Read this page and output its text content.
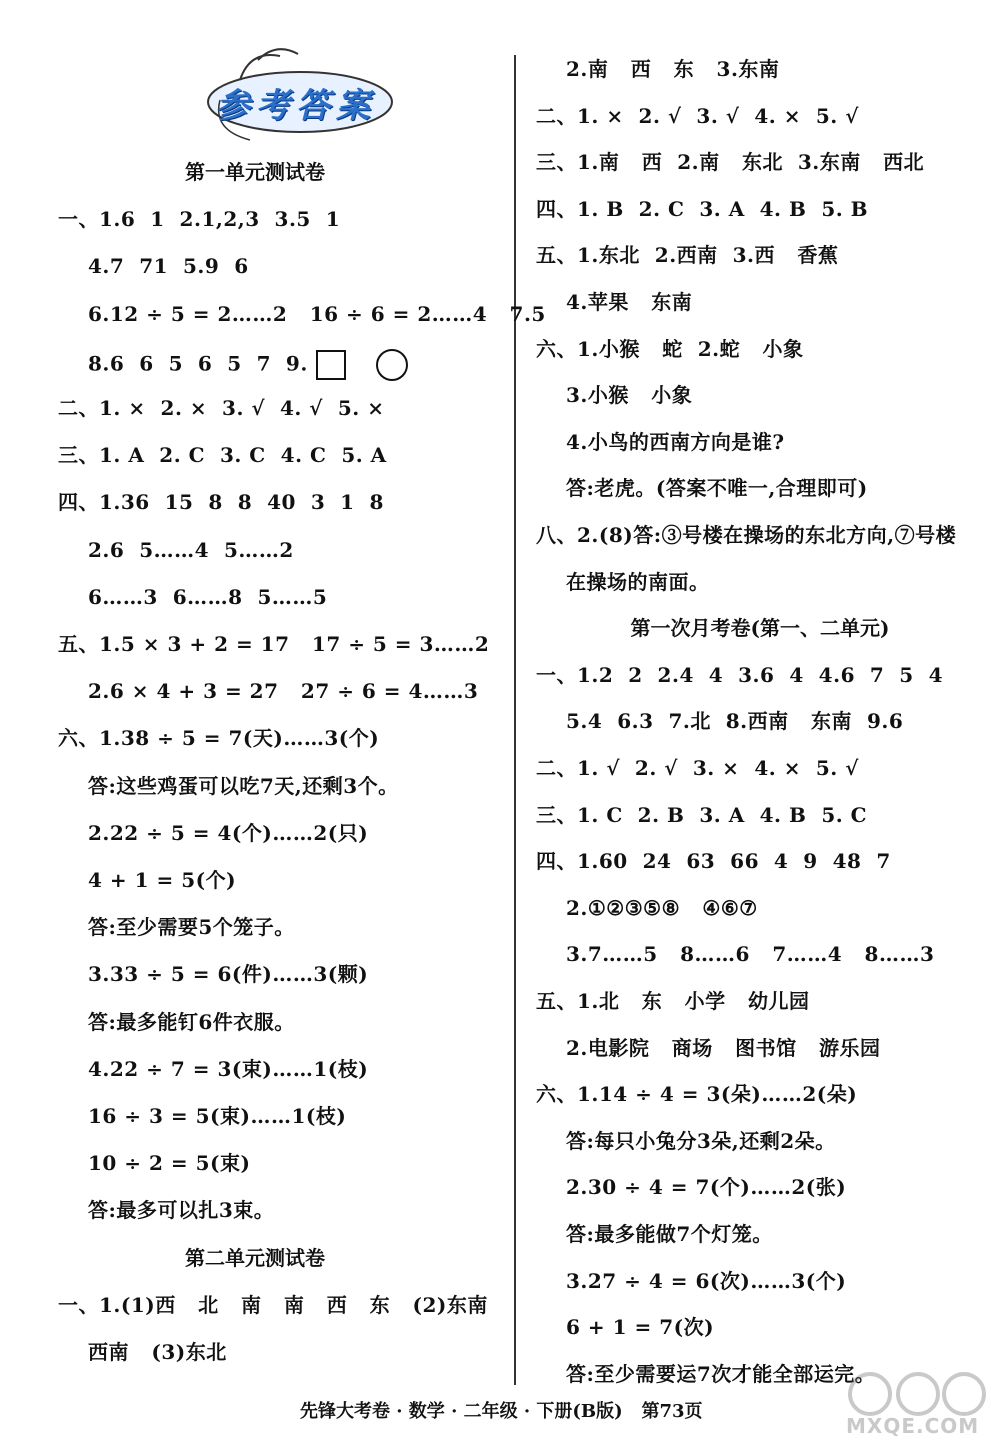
参考答案
第一单元测试卷
一、1.6  1  2.1,2,3  3.5  1
4.7  71  5.9  6
6.12 ÷ 5 = 2……2   16 ÷ 6 = 2……4   7.5
8.6  6  5  6  5  7  9.
二、1. ×  2. ×  3. √  4. √  5. ×
三、1. A  2. C  3. C  4. C  5. A
四、1.36  15  8  8  40  3  1  8
2.6  5……4  5……2
6……3  6……8  5……5
五、1.5 × 3 + 2 = 17   17 ÷ 5 = 3……2
2.6 × 4 + 3 = 27   27 ÷ 6 = 4……3
六、1.38 ÷ 5 = 7(天)……3(个)
答:这些鸡蛋可以吃7天,还剩3个。
2.22 ÷ 5 = 4(个)……2(只)
4 + 1 = 5(个)
答:至少需要5个笼子。
3.33 ÷ 5 = 6(件)……3(颗)
答:最多能钉6件衣服。
4.22 ÷ 7 = 3(束)……1(枝)
16 ÷ 3 = 5(束)……1(枝)
10 ÷ 2 = 5(束)
答:最多可以扎3束。
第二单元测试卷
一、1.(1)西   北   南   南   西   东   (2)东南
西南   (3)东北
2.南   西   东   3.东南
二、1. ×  2. √  3. √  4. ×  5. √
三、1.南   西  2.南   东北  3.东南   西北
四、1. B  2. C  3. A  4. B  5. B
五、1.东北  2.西南  3.西   香蕉
4.苹果   东南
六、1.小猴   蛇  2.蛇   小象
3.小猴   小象
4.小鸟的西南方向是谁?
答:老虎。(答案不唯一,合理即可)
八、2.(8)答:③号楼在操场的东北方向,⑦号楼
在操场的南面。
第一次月考卷(第一、二单元)
一、1.2  2  2.4  4  3.6  4  4.6  7  5  4
5.4  6.3  7.北  8.西南   东南  9.6
二、1. √  2. √  3. ×  4. ×  5. √
三、1. C  2. B  3. A  4. B  5. C
四、1.60  24  63  66  4  9  48  7
2.①②③⑤⑧   ④⑥⑦
3.7……5   8……6   7……4   8……3
五、1.北   东   小学   幼儿园
2.电影院   商场   图书馆   游乐园
六、1.14 ÷ 4 = 3(朵)……2(朵)
答:每只小兔分3朵,还剩2朵。
2.30 ÷ 4 = 7(个)……2(张)
答:最多能做7个灯笼。
3.27 ÷ 4 = 6(次)……3(个)
6 + 1 = 7(次)
答:至少需要运7次才能全部运完。
先锋大考卷 · 数学 · 二年级 · 下册(B版)   第73页
MXQE.COM
